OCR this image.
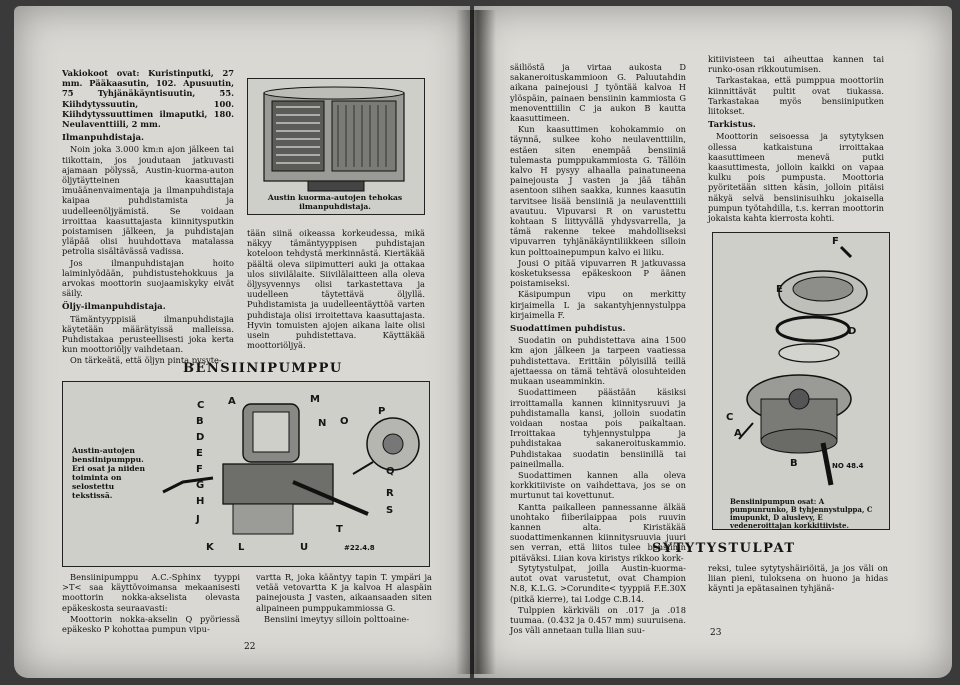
Vakiokoot ovat: Kuristinputki, 27 mm. Pääkaasutin, 102. Apusuutin, 75 Tyhjänäkäyntisuutin, 55. Kiihdytyssuutin, 100. Kiihdytyssuuttimen ilmaputki, 180. Neulaventtiili, 2 mm.

Ilmanpuhdistaja.

Noin joka 3.000 km:n ajon jälkeen tai tiikottain, jos joudutaan jatkuvasti ajamaan pölyssä, Austin-kuorma-auton öljytäytteinen kaasuttajan imuäänenvaimentaja ja ilmanpuhdistaja kaipaa puhdistamista ja uudelleenöljyämistä. Se voidaan irroittaa kaasuttajasta kiinnitysputkin poistamisen jälkeen, ja puhdistajan yläpää olisi huuhdottava matalassa petrolia sisältävässä vadissa.

Jos ilmanpuhdistajan hoito laiminlyödään, puhdistustehokkuus ja arvokas moottorin suojaamiskyky eivät säily.

Öljy-ilmanpuhdistaja.

Tämäntyyppisiä ilmanpuhdistajia käytetään määrätyissä malleissa. Puhdistakaa perusteellisesti joka kerta kun moottoriöljy vaihdetaan.

On tärkeätä, että öljyn pinta pysyte-

Austin kuorma-autojen tehokas ilmanpuhdistaja.

tään siinä oikeassa korkeudessa, mikä näkyy tämäntyyppisen puhdistajan koteloon tehdystä merkinnästä. Kiertäkää päältä oleva siipimutteri auki ja ottakaa ulos siivilälaite. Siivilälaitteen alla oleva öljysyvennys olisi tarkastettava ja uudelleen täytettävä öljyllä. Puhdistamista ja uudelleentäyttöä varten puhdistaja olisi irroitettava kaasuttajasta. Hyvin tomuisten ajojen aikana laite olisi usein puhdistettava. Käyttäkää moottoriöljyä.

BENSIINIPUMPPU
Austin-autojen bensiinipumppu. Eri osat ja niiden toiminta on selostettu tekstissä.
M
C
B
D
E
F
G
H
J
K L	U
T
S
R
Q
P
O
N
A
#22.4.8

Bensiinipumppu A.C.-Sphinx tyyppi >T< saa käyttövoimansa mekaanisesti moottorin nokka-akselista olevasta epäkeskosta seuraavasti:

Moottorin nokka-akselin Q pyöriessä epäkesko P kohottaa pumpun vipu-

vartta R, joka kääntyy tapin T. ympäri ja vetää vetovarttа K ja kalvoa H alaspäin painejousta J vasten, aikaansaaden siten alipaineen pumppukammiossa G.

Bensiini imeytyy silloin polttoaine-

22

säiliöstä ja virtaa aukosta D sakaneroituskammioon G. Paluutahdin aikana painejousi J työntää kalvoa H ylöspäin, painaen bensiinin kammiosta G menoventtiilin C ja aukon B kautta kaasuttimeen.

Kun kaasuttimen kohokammio on täynnä, sulkee koho neulaventtiilin, estäen siten enempää bensiiniä tulemasta pumppukammiosta G. Tällöin kalvo H pysyy alhaalla painatuneena painejousta J vasten ja jää tähän asentoon siihen saakka, kunnes kaasutin tarvitsee lisää bensiiniä ja neulaventtiili avautuu. Vipuvarsi R on varustettu kohtaan S liittyvällä yhdysvarrella, ja tämä rakenne tekee mahdolliseksi vipuvarren tyhjänäkäyntiliikkeen silloin kun polttoainepumpun kalvo ei liiku.

Jousi O pitää vipuvarren R jatkuvassa kosketuksessa epäkeskoon P äänen poistamiseksi.

Käsipumpun vipu on merkitty kirjaimella L ja sakantyhjennystulppa kirjaimella F.

Suodattimen puhdistus.

Suodatin on puhdistettava aina 1500 km ajon jälkeen ja tarpeen vaatiessa puhdistettava. Erittäin pölyisillä teillä ajettaessa on tämä tehtävä olosuhteiden mukaan useamminkin.

Suodattimeen päästään käsiksi irroittamalla kannen kiinnitysruuvi ja puhdistamalla kansi, jolloin suodatin voidaan nostaa pois paikaltaan. Irroittakaa tyhjennystulppa ja puhdistakaa sakaneroituskammio. Puhdistakaa suodatin bensiinillä tai paineilmalla.

Suodattimen kannen alla oleva korkkitiiviste on vaihdettava, jos se on murtunut tai kovettunut.

Kantta paikalleen pannessanne älkää unohtako fiiberilaippaa pois ruuvin kannen alta. Kiristäkää suodattimenkannen kiinnitysruuvia juuri sen verran, että liitos tulee bensiinin pitäväksi. Liian kova kiristys rikkoo kork-

kitiivisteen tai aiheuttaa kannen tai runko-osan rikkoutumisen.

Tarkastakaa, että pumppua moottoriin kiinnittävät pultit ovat tiukassa. Tarkastakaa myös bensiiniputken liitokset.

Tarkistus.

Moottorin seisoessa ja sytytyksen ollessa katkaistuna irroittakaa kaasuttimeen menevä putki kaasuttimesta, jolloin kaikki on vapaa kulku pois pumpusta. Moottoria pyöritetään sitten käsin, jolloin pitäisi näkyä selvä bensiinisuihku jokaisella pumpun työtahdilla, t.s. kerran moottorin jokaista kahta kierrosta kohti.

F
E
D
C
A
B	NO 48.4
Bensiinipumpun osat: A pumpunrunko, B tyhjennystulppa, C imupunkt, D aluslevy, E vedeneroittajan korkkitiiviste.
SYTYTYSTULPAT

Sytytystulpat, joilla Austin-kuorma-autot ovat varustetut, ovat Champion N.8, K.L.G. >Corundite< tyyppiä F.E.30X (pitkä kierre), tai Lodge C.B.14.

Tulppien kärkiväli on .017 ja .018 tuumaa. (0.432 ja 0.457 mm) suuruisena. Jos väli annetaan tulla liian suu-

reksi, tulee sytytyshäiriöitä, ja jos väli on liian pieni, tuloksena on huono ja hidas käynti ja epätasainen tyhjänä-

23
